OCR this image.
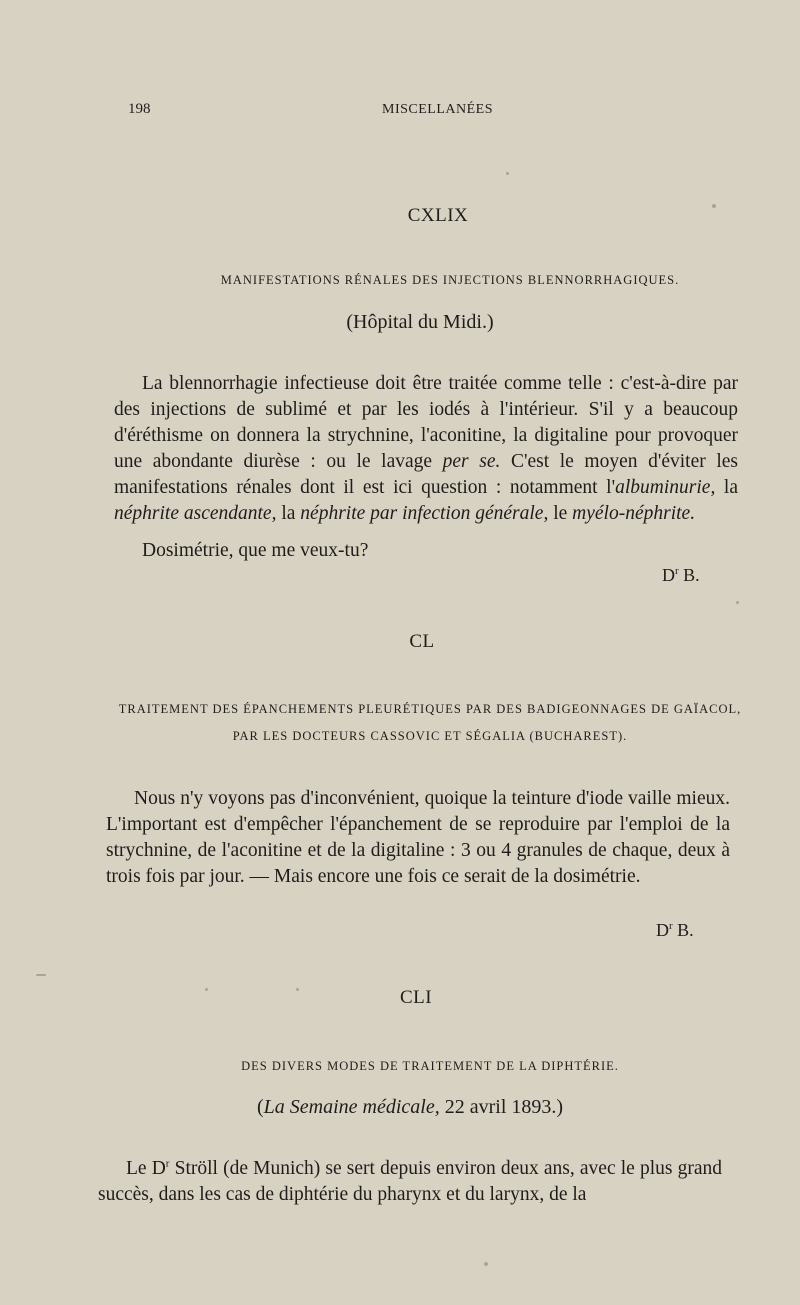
198	MISCELLANÉES
CXLIX
MANIFESTATIONS RÉNALES DES INJECTIONS BLENNORRHAGIQUES.
(Hôpital du Midi.)
La blennorrhagie infectieuse doit être traitée comme telle : c'est-à-dire par des injections de sublimé et par les iodés à l'intérieur. S'il y a beaucoup d'éréthisme on donnera la strychnine, l'aconitine, la digitaline pour provoquer une abondante diurèse : ou le lavage per se. C'est le moyen d'éviter les manifestations rénales dont il est ici question : notamment l'albuminurie, la néphrite ascendante, la néphrite par infection générale, le myélo-néphrite.
Dosimétrie, que me veux-tu?
$D^r$ B.
CL
TRAITEMENT DES ÉPANCHEMENTS PLEURÉTIQUES PAR DES BADIGEONNAGES DE GAÏACOL,
PAR LES DOCTEURS CASSOVIC ET SÉGALIA (BUCHAREST).
Nous n'y voyons pas d'inconvénient, quoique la teinture d'iode vaille mieux. L'important est d'empêcher l'épanchement de se reproduire par l'emploi de la strychnine, de l'aconitine et de la digitaline : 3 ou 4 granules de chaque, deux à trois fois par jour. — Mais encore une fois ce serait de la dosimétrie.
$D^r$ B.
CLI
DES DIVERS MODES DE TRAITEMENT DE LA DIPHTÉRIE.
(La Semaine médicale, 22 avril 1893.)
Le $D^r$ Ströll (de Munich) se sert depuis environ deux ans, avec le plus grand succès, dans les cas de diphtérie du pharynx et du larynx, de la
